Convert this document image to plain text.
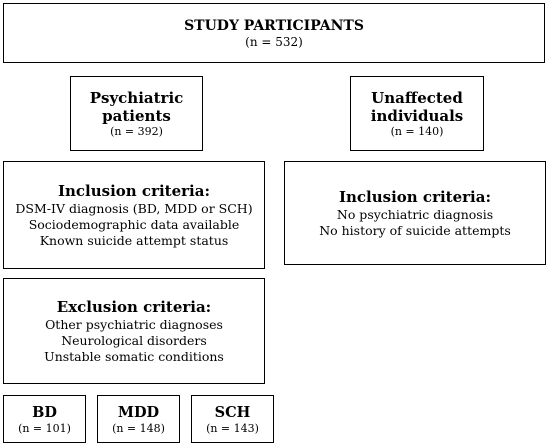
STUDY PARTICIPANTS
(n = 532)
Psychiatric
patients
(n = 392)
Unaffected
individuals
(n = 140)
Inclusion criteria:
DSM-IV diagnosis (BD, MDD or SCH)
Sociodemographic data available
Known suicide attempt status
Inclusion criteria:
No psychiatric diagnosis
No history of suicide attempts
Exclusion criteria:
Other psychiatric diagnoses
Neurological disorders
Unstable somatic conditions
BD
(n = 101)
MDD
(n = 148)
SCH
(n = 143)
